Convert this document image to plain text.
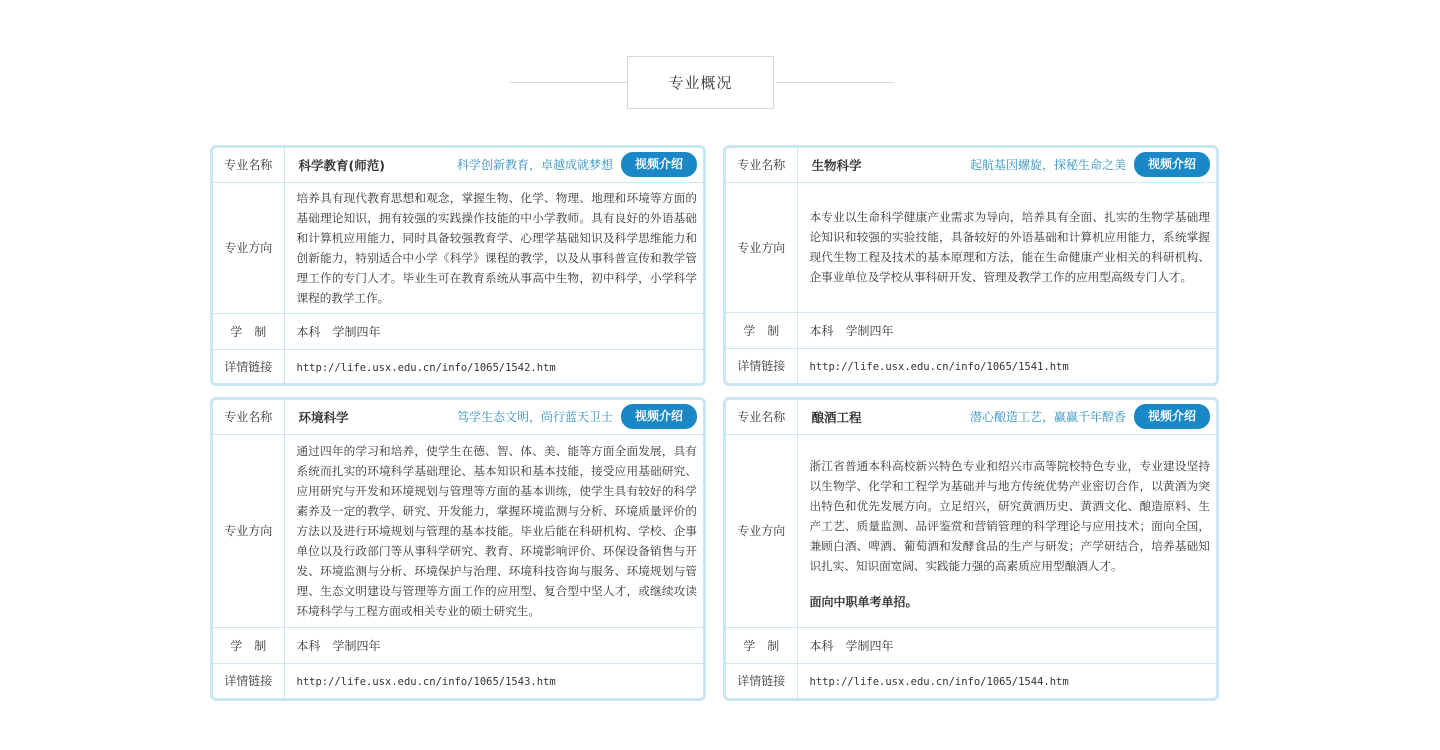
专业概况
专业名称	科学教育(师范) 科学创新教育，卓越成就梦想 视频介绍

专业方向	培养具有现代教育思想和观念，掌握生物、化学、物理、地理和环境等方面的基础理论知识，拥有较强的实践操作技能的中小学教师。具有良好的外语基础和计算机应用能力，同时具备较强教育学、心理学基础知识及科学思维能力和创新能力，特别适合中小学《科学》课程的教学，以及从事科普宣传和教学管理工作的专门人才。毕业生可在教育系统从事高中生物，初中科学，小学科学课程的教学工作。

学　制	本科　学制四年
详情链接	http://life.usx.edu.cn/info/1065/1542.htm
专业名称	生物科学 起航基因螺旋，探秘生命之美 视频介绍

专业方向	本专业以生命科学健康产业需求为导向，培养具有全面、扎实的生物学基础理论知识和较强的实验技能，具备较好的外语基础和计算机应用能力，系统掌握现代生物工程及技术的基本原理和方法，能在生命健康产业相关的科研机构、企事业单位及学校从事科研开发、管理及教学工作的应用型高级专门人才。

学　制	本科　学制四年
详情链接	http://life.usx.edu.cn/info/1065/1541.htm
专业名称	环境科学 笃学生态文明，尚行蓝天卫士 视频介绍

专业方向	通过四年的学习和培养，使学生在德、智、体、美、能等方面全面发展，具有系统而扎实的环境科学基础理论、基本知识和基本技能，接受应用基础研究、应用研究与开发和环境规划与管理等方面的基本训练，使学生具有较好的科学素养及一定的教学、研究、开发能力，掌握环境监测与分析、环境质量评价的方法以及进行环境规划与管理的基本技能。毕业后能在科研机构、学校、企事单位以及行政部门等从事科学研究、教育、环境影响评价、环保设备销售与开发、环境监测与分析、环境保护与治理、环境科技咨询与服务、环境规划与管理、生态文明建设与管理等方面工作的应用型、复合型中坚人才，或继续攻读环境科学与工程方面或相关专业的硕士研究生。

学　制	本科　学制四年
详情链接	http://life.usx.edu.cn/info/1065/1543.htm
专业名称	酿酒工程 潜心酿造工艺，赢赢千年醇香 视频介绍

专业方向	浙江省普通本科高校新兴特色专业和绍兴市高等院校特色专业，专业建设坚持以生物学、化学和工程学为基础并与地方传统优势产业密切合作，以黄酒为突出特色和优先发展方向。立足绍兴，研究黄酒历史、黄酒文化、酿造原料、生产工艺、质量监测、品评鉴赏和营销管理的科学理论与应用技术；面向全国，兼顾白酒、啤酒、葡萄酒和发酵食品的生产与研发；产学研结合，培养基础知识扎实、知识面宽阔、实践能力强的高素质应用型酿酒人才。
面向中职单考单招。

学　制	本科　学制四年
详情链接	http://life.usx.edu.cn/info/1065/1544.htm
